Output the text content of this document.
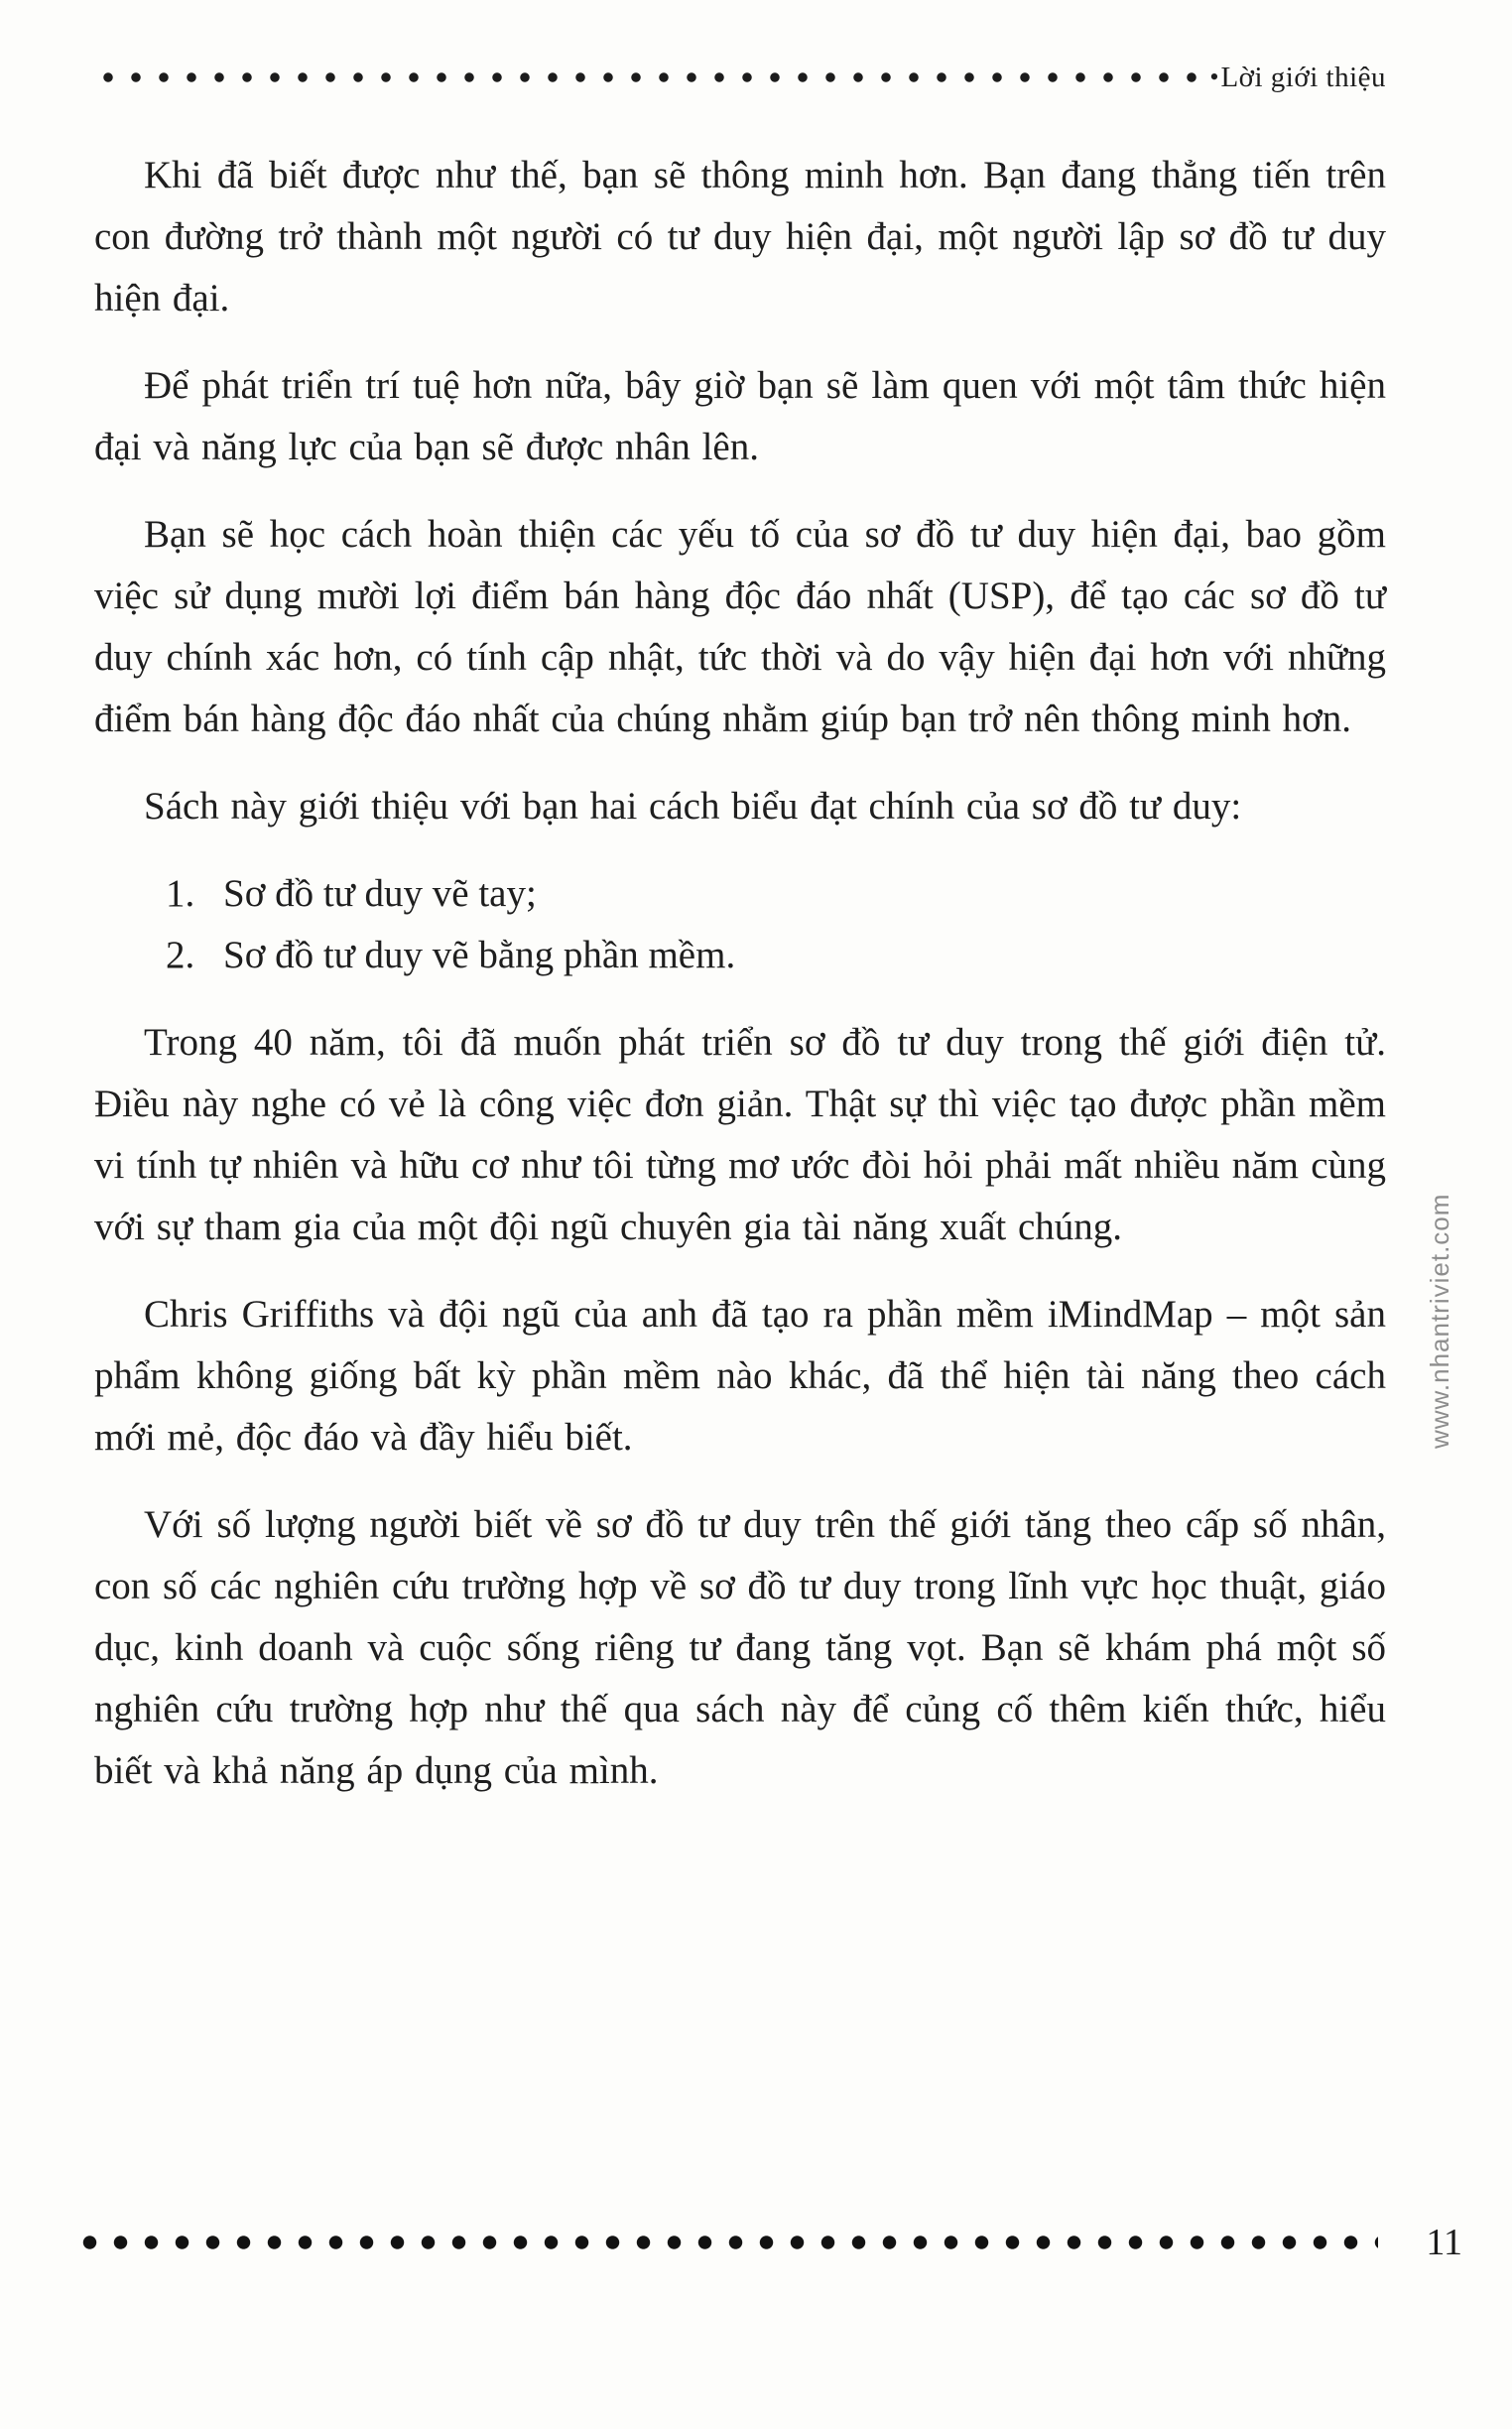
• Lời giới thiệu

Khi đã biết được như thế, bạn sẽ thông minh hơn. Bạn đang thẳng tiến trên con đường trở thành một người có tư duy hiện đại, một người lập sơ đồ tư duy hiện đại.

Để phát triển trí tuệ hơn nữa, bây giờ bạn sẽ làm quen với một tâm thức hiện đại và năng lực của bạn sẽ được nhân lên.

Bạn sẽ học cách hoàn thiện các yếu tố của sơ đồ tư duy hiện đại, bao gồm việc sử dụng mười lợi điểm bán hàng độc đáo nhất (USP), để tạo các sơ đồ tư duy chính xác hơn, có tính cập nhật, tức thời và do vậy hiện đại hơn với những điểm bán hàng độc đáo nhất của chúng nhằm giúp bạn trở nên thông minh hơn.

Sách này giới thiệu với bạn hai cách biểu đạt chính của sơ đồ tư duy:

1. Sơ đồ tư duy vẽ tay;
2. Sơ đồ tư duy vẽ bằng phần mềm.

Trong 40 năm, tôi đã muốn phát triển sơ đồ tư duy trong thế giới điện tử. Điều này nghe có vẻ là công việc đơn giản. Thật sự thì việc tạo được phần mềm vi tính tự nhiên và hữu cơ như tôi từng mơ ước đòi hỏi phải mất nhiều năm cùng với sự tham gia của một đội ngũ chuyên gia tài năng xuất chúng.

Chris Griffiths và đội ngũ của anh đã tạo ra phần mềm iMindMap – một sản phẩm không giống bất kỳ phần mềm nào khác, đã thể hiện tài năng theo cách mới mẻ, độc đáo và đầy hiểu biết.

Với số lượng người biết về sơ đồ tư duy trên thế giới tăng theo cấp số nhân, con số các nghiên cứu trường hợp về sơ đồ tư duy trong lĩnh vực học thuật, giáo dục, kinh doanh và cuộc sống riêng tư đang tăng vọt. Bạn sẽ khám phá một số nghiên cứu trường hợp như thế qua sách này để củng cố thêm kiến thức, hiểu biết và khả năng áp dụng của mình.

www.nhantriviet.com
11
